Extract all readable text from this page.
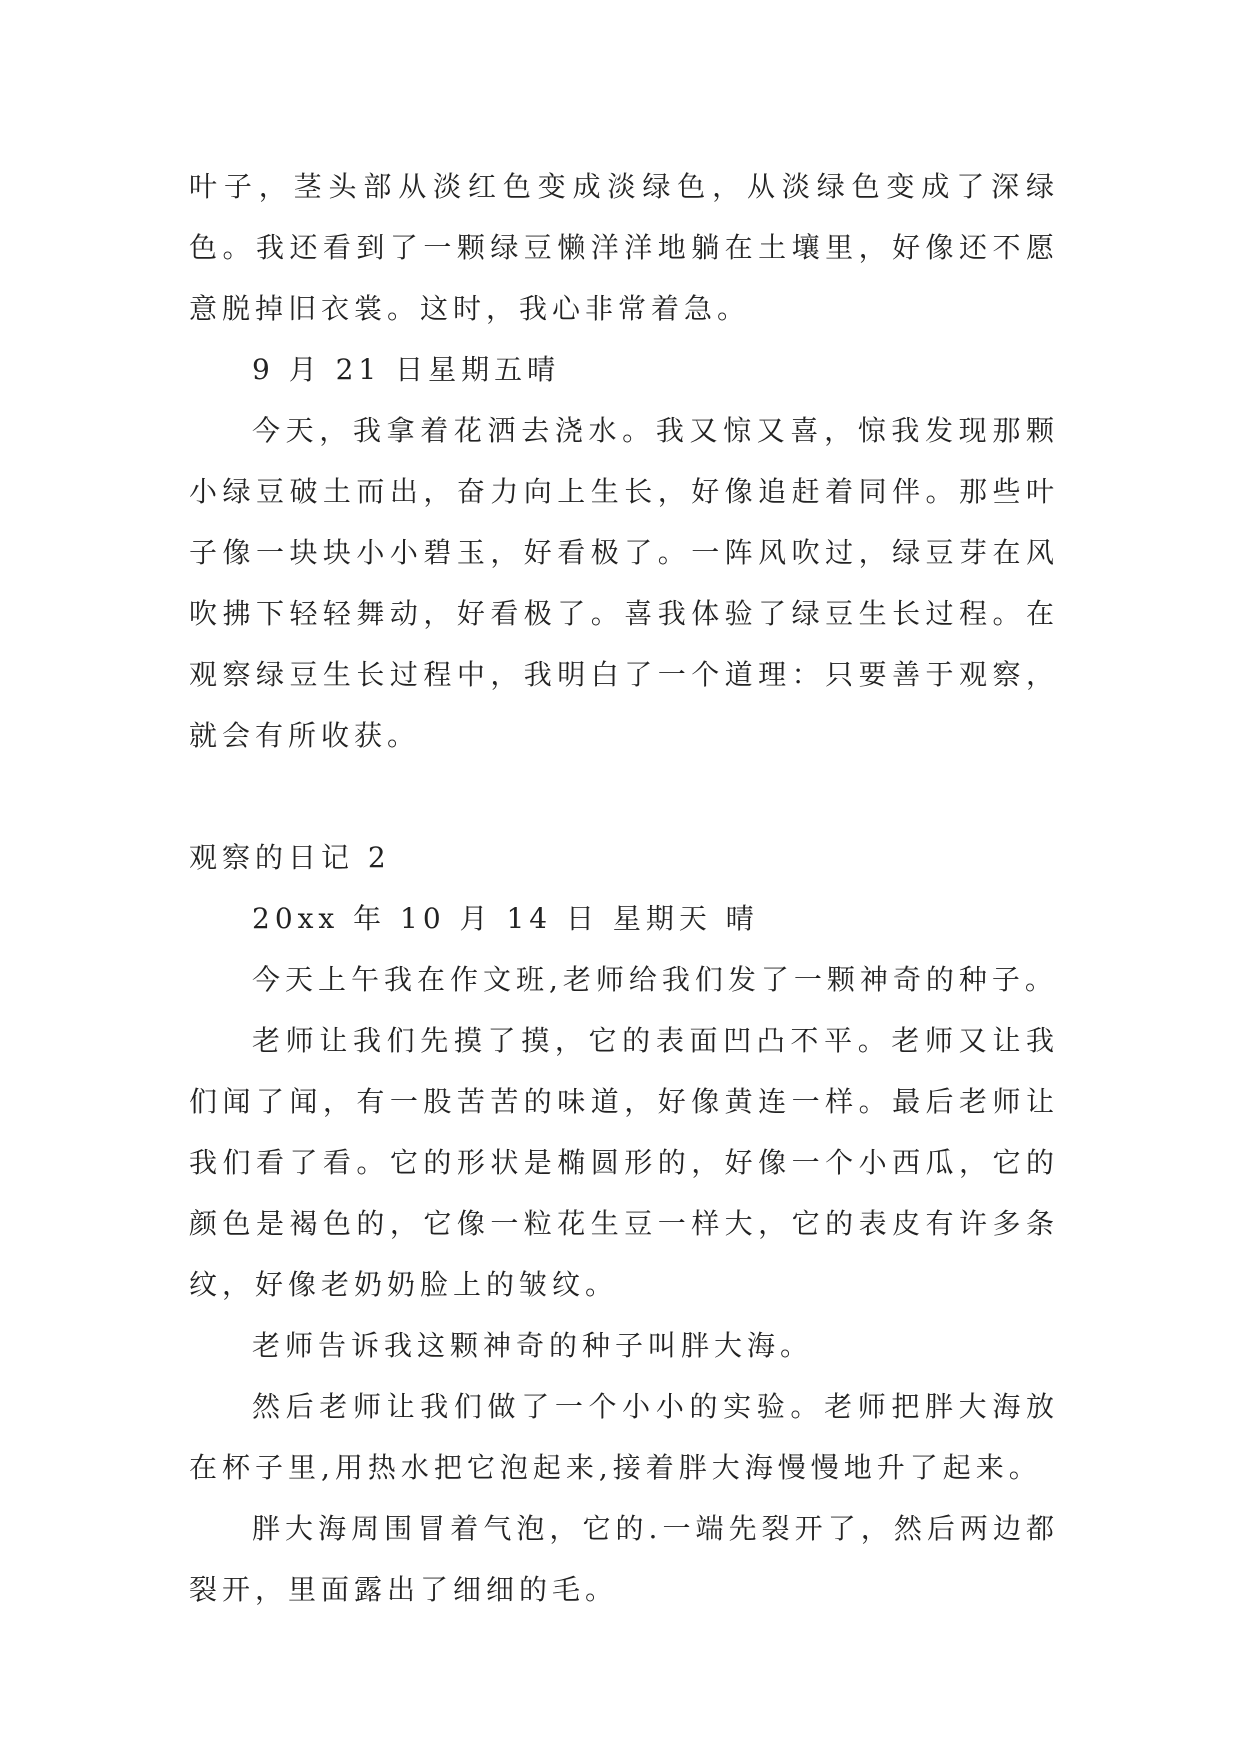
叶子，茎头部从淡红色变成淡绿色，从淡绿色变成了深绿色。我还看到了一颗绿豆懒洋洋地躺在土壤里，好像还不愿意脱掉旧衣裳。这时，我心非常着急。

9 月 21 日星期五晴

今天，我拿着花洒去浇水。我又惊又喜，惊我发现那颗小绿豆破土而出，奋力向上生长，好像追赶着同伴。那些叶子像一块块小小碧玉，好看极了。一阵风吹过，绿豆芽在风吹拂下轻轻舞动，好看极了。喜我体验了绿豆生长过程。在观察绿豆生长过程中，我明白了一个道理：只要善于观察，就会有所收获。

观察的日记 2

20xx 年 10 月 14 日 星期天 晴

今天上午我在作文班,老师给我们发了一颗神奇的种子。

老师让我们先摸了摸，它的表面凹凸不平。老师又让我们闻了闻，有一股苦苦的味道，好像黄连一样。最后老师让我们看了看。它的形状是椭圆形的，好像一个小西瓜，它的颜色是褐色的，它像一粒花生豆一样大，它的表皮有许多条纹，好像老奶奶脸上的皱纹。

老师告诉我这颗神奇的种子叫胖大海。

然后老师让我们做了一个小小的实验。老师把胖大海放在杯子里,用热水把它泡起来,接着胖大海慢慢地升了起来。

胖大海周围冒着气泡，它的.一端先裂开了，然后两边都裂开，里面露出了细细的毛。
